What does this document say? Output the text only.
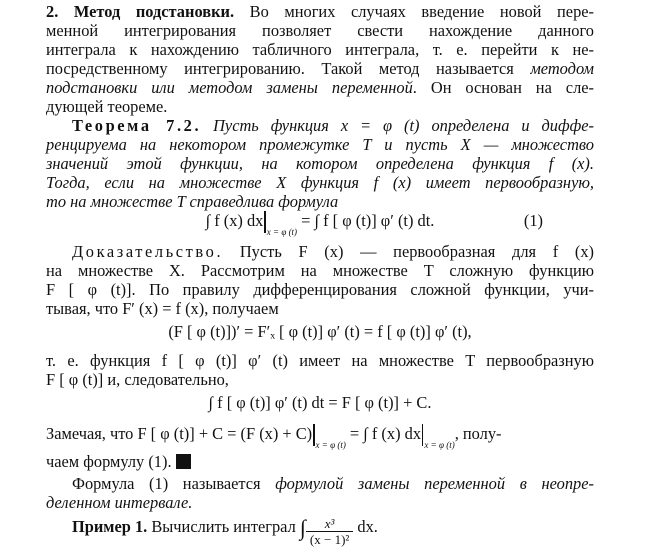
2. Метод подстановки. Во многих случаях введение новой пере-
менной интегрирования позволяет свести нахождение данного
интеграла к нахождению табличного интеграла, т. е. перейти к не-
посредственному интегрированию. Такой метод называется методом
подстановки или методом замены переменной. Он основан на сле-
дующей теореме.
Теорема 7.2. Пусть функция x = φ (t) определена и диффе-
ренцируема на некотором промежутке T и пусть X — множество
значений этой функции, на котором определена функция f (x).
Тогда, если на множестве X функция f (x) имеет первообразную,
то на множестве T справедлива формула
∫ f (x) $dx_{x = \varphi (t)}$ = ∫ f [ φ (t)] φ′ (t) dt.	(1)
Доказательство. Пусть F (x) — первообразная для f (x)
на множестве X. Рассмотрим на множестве T сложную функцию
F [ φ (t)]. По правилу дифференцирования сложной функции, учи-
тывая, что F′ (x) = f (x), получаем
(F [ φ (t)])′ = F′ₓ [ φ (t)] φ′ (t) = f [ φ (t)] φ′ (t),
т. е. функция f [ φ (t)] φ′ (t) имеет на множестве T первообразную
F [ φ (t)] и, следовательно,
∫ f [ φ (t)] φ′ (t) dt = F [ φ (t)] + C.
Замечая, что F [ φ (t)] + C = (F $(x) + C)_{x = \varphi (t)}$ = ∫ f (x) $dx_{x = \varphi (t)}$, полу-
чаем формулу (1).
Формула (1) называется формулой замены переменной в неопре-
деленном интервале.
Пример 1. Вычислить интеграл ∫ $\frac{\text{x³}}{\text{(x − 1)²}}$ dx.
